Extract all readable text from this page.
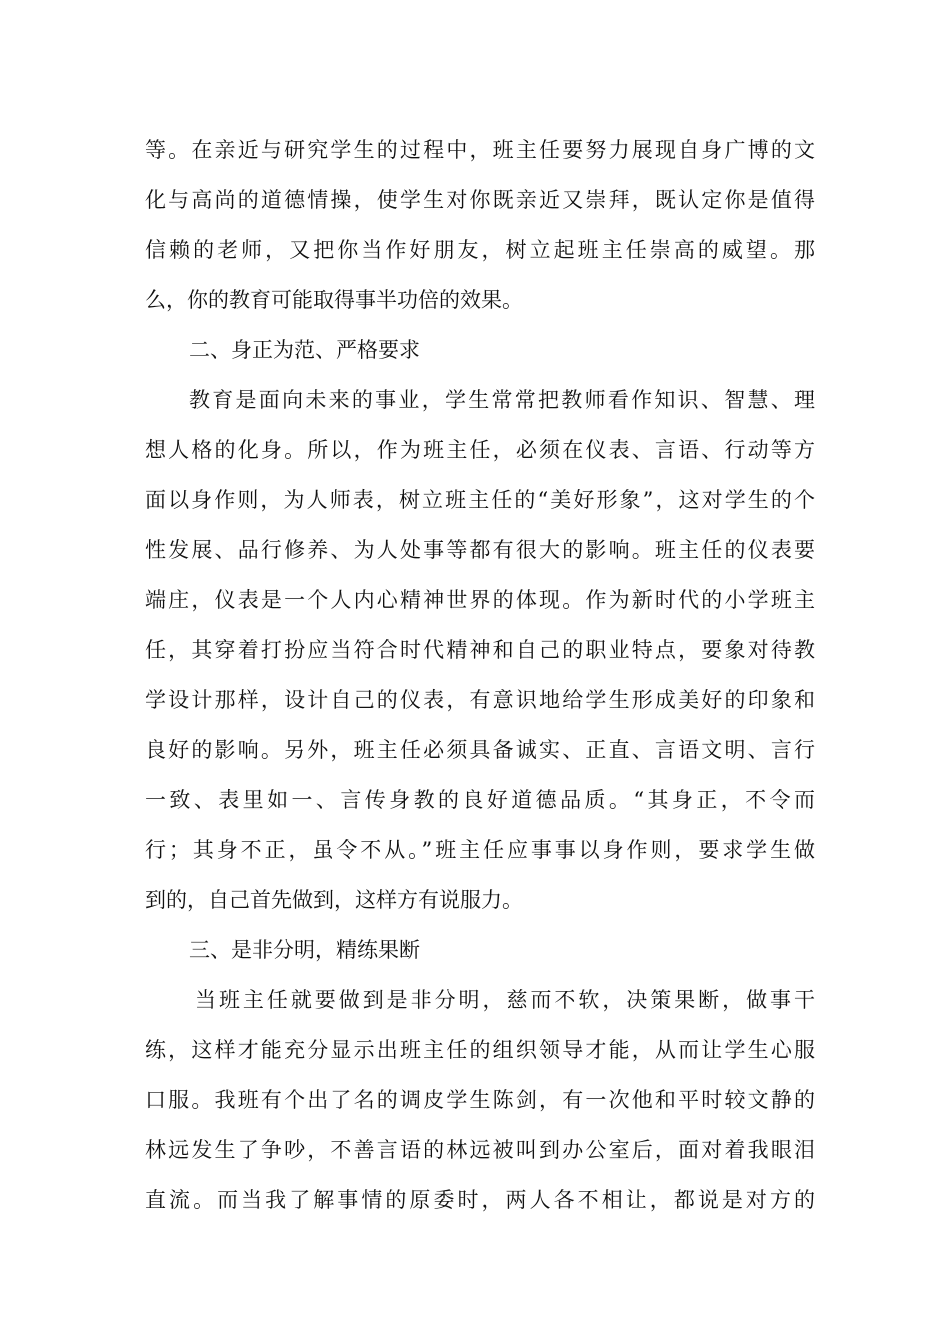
等。在亲近与研究学生的过程中，班主任要努力展现自身广博的文
化与高尚的道德情操，使学生对你既亲近又崇拜，既认定你是值得
信赖的老师，又把你当作好朋友，树立起班主任崇高的威望。那
么，你的教育可能取得事半功倍的效果。
二、身正为范、严格要求
教育是面向未来的事业，学生常常把教师看作知识、智慧、理
想人格的化身。所以，作为班主任，必须在仪表、言语、行动等方
面以身作则，为人师表，树立班主任的“美好形象”，这对学生的个
性发展、品行修养、为人处事等都有很大的影响。班主任的仪表要
端庄，仪表是一个人内心精神世界的体现。作为新时代的小学班主
任，其穿着打扮应当符合时代精神和自己的职业特点，要象对待教
学设计那样，设计自己的仪表，有意识地给学生形成美好的印象和
良好的影响。另外，班主任必须具备诚实、正直、言语文明、言行
一致、表里如一、言传身教的良好道德品质。“其身正，不令而
行；其身不正，虽令不从。”班主任应事事以身作则，要求学生做
到的，自己首先做到，这样方有说服力。
三、是非分明，精练果断
当班主任就要做到是非分明，慈而不软，决策果断，做事干
练，这样才能充分显示出班主任的组织领导才能，从而让学生心服
口服。我班有个出了名的调皮学生陈剑，有一次他和平时较文静的
林远发生了争吵，不善言语的林远被叫到办公室后，面对着我眼泪
直流。而当我了解事情的原委时，两人各不相让，都说是对方的
